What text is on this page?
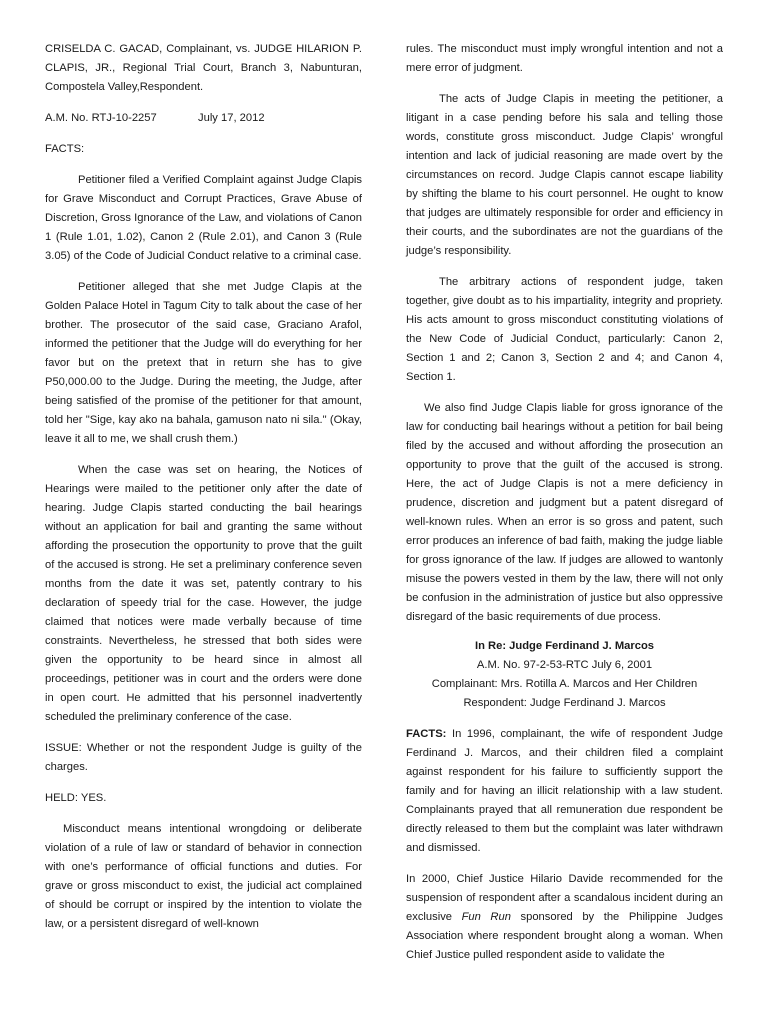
CRISELDA C. GACAD, Complainant, vs. JUDGE HILARION P. CLAPIS, JR., Regional Trial Court, Branch 3, Nabunturan, Compostela Valley,Respondent.

A.M. No. RTJ-10-2257	July 17, 2012

FACTS:

Petitioner filed a Verified Complaint against Judge Clapis for Grave Misconduct and Corrupt Practices, Grave Abuse of Discretion, Gross Ignorance of the Law, and violations of Canon 1 (Rule 1.01, 1.02), Canon 2 (Rule 2.01), and Canon 3 (Rule 3.05) of the Code of Judicial Conduct relative to a criminal case.

Petitioner alleged that she met Judge Clapis at the Golden Palace Hotel in Tagum City to talk about the case of her brother. The prosecutor of the said case, Graciano Arafol, informed the petitioner that the Judge will do everything for her favor but on the pretext that in return she has to give P50,000.00 to the Judge. During the meeting, the Judge, after being satisfied of the promise of the petitioner for that amount, told her "Sige, kay ako na bahala, gamuson nato ni sila." (Okay, leave it all to me, we shall crush them.)

When the case was set on hearing, the Notices of Hearings were mailed to the petitioner only after the date of hearing. Judge Clapis started conducting the bail hearings without an application for bail and granting the same without affording the prosecution the opportunity to prove that the guilt of the accused is strong. He set a preliminary conference seven months from the date it was set, patently contrary to his declaration of speedy trial for the case. However, the judge claimed that notices were made verbally because of time constraints. Nevertheless, he stressed that both sides were given the opportunity to be heard since in almost all proceedings, petitioner was in court and the orders were done in open court. He admitted that his personnel inadvertently scheduled the preliminary conference of the case.

ISSUE: Whether or not the respondent Judge is guilty of the charges.

HELD: YES.

Misconduct means intentional wrongdoing or deliberate violation of a rule of law or standard of behavior in connection with one’s performance of official functions and duties. For grave or gross misconduct to exist, the judicial act complained of should be corrupt or inspired by the intention to violate the law, or a persistent disregard of well-known

rules. The misconduct must imply wrongful intention and not a mere error of judgment.

The acts of Judge Clapis in meeting the petitioner, a litigant in a case pending before his sala and telling those words, constitute gross misconduct. Judge Clapis’ wrongful intention and lack of judicial reasoning are made overt by the circumstances on record. Judge Clapis cannot escape liability by shifting the blame to his court personnel. He ought to know that judges are ultimately responsible for order and efficiency in their courts, and the subordinates are not the guardians of the judge’s responsibility.

The arbitrary actions of respondent judge, taken together, give doubt as to his impartiality, integrity and propriety. His acts amount to gross misconduct constituting violations of the New Code of Judicial Conduct, particularly: Canon 2, Section 1 and 2; Canon 3, Section 2 and 4; and Canon 4, Section 1.

We also find Judge Clapis liable for gross ignorance of the law for conducting bail hearings without a petition for bail being filed by the accused and without affording the prosecution an opportunity to prove that the guilt of the accused is strong. Here, the act of Judge Clapis is not a mere deficiency in prudence, discretion and judgment but a patent disregard of well-known rules. When an error is so gross and patent, such error produces an inference of bad faith, making the judge liable for gross ignorance of the law. If judges are allowed to wantonly misuse the powers vested in them by the law, there will not only be confusion in the administration of justice but also oppressive disregard of the basic requirements of due process.

In Re: Judge Ferdinand J. Marcos

A.M. No. 97-2-53-RTC July 6, 2001

Complainant: Mrs. Rotilla A. Marcos and Her Children

Respondent: Judge Ferdinand J. Marcos

FACTS: In 1996, complainant, the wife of respondent Judge Ferdinand J. Marcos, and their children filed a complaint against respondent for his failure to sufficiently support the family and for having an illicit relationship with a law student. Complainants prayed that all remuneration due respondent be directly released to them but the complaint was later withdrawn and dismissed.

In 2000, Chief Justice Hilario Davide recommended for the suspension of respondent after a scandalous incident during an exclusive Fun Run sponsored by the Philippine Judges Association where respondent brought along a woman. When Chief Justice pulled respondent aside to validate the
